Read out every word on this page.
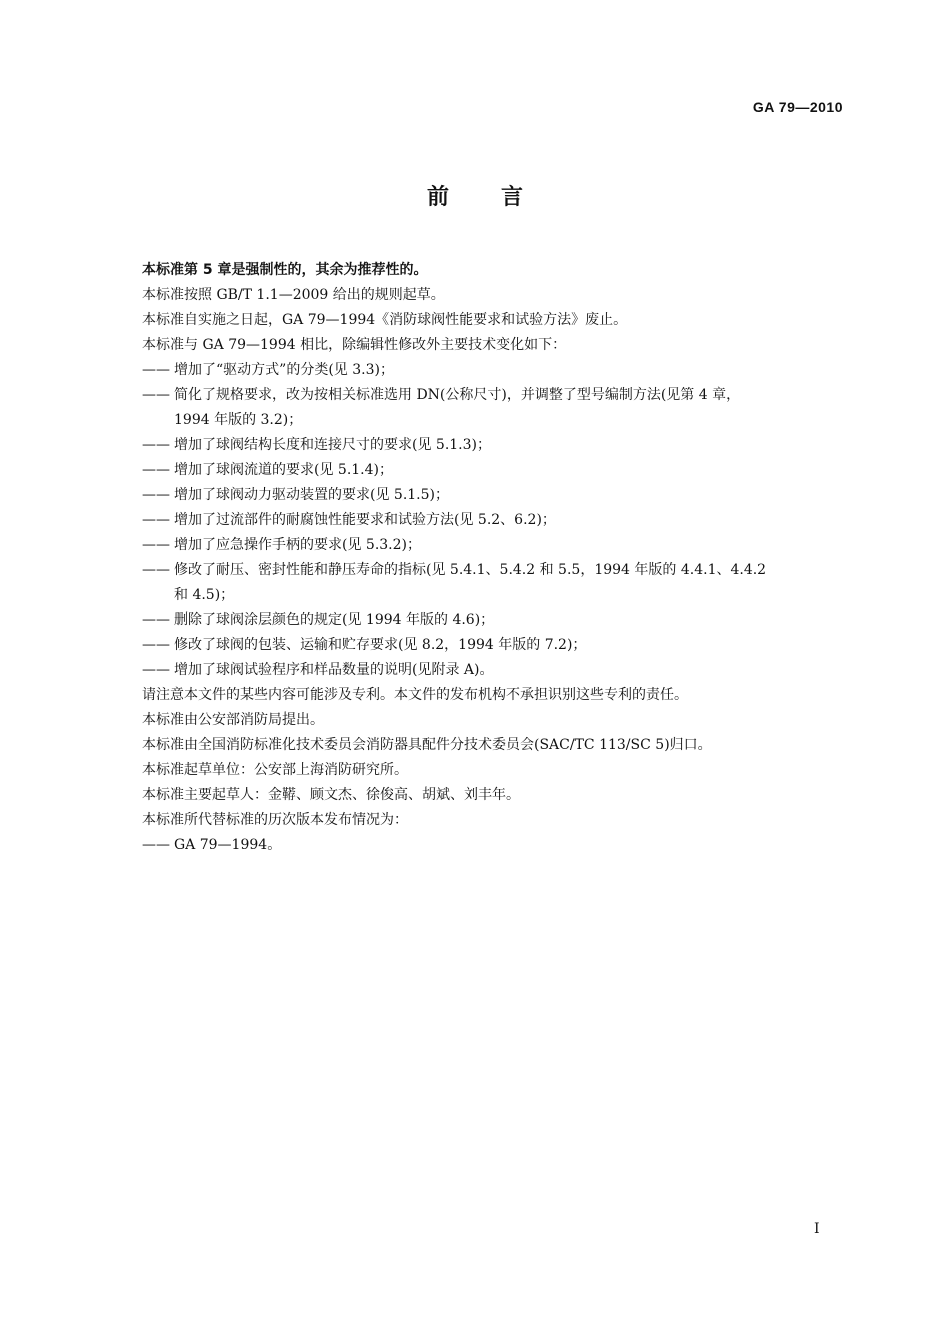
GA 79—2010
前言
本标准第 5 章是强制性的，其余为推荐性的。
本标准按照 GB/T 1.1—2009 给出的规则起草。
本标准自实施之日起，GA 79—1994《消防球阀性能要求和试验方法》废止。
本标准与 GA 79—1994 相比，除编辑性修改外主要技术变化如下：
—— 增加了“驱动方式”的分类(见 3.3)；
—— 简化了规格要求，改为按相关标准选用 DN(公称尺寸)，并调整了型号编制方法(见第 4 章，
1994 年版的 3.2)；
—— 增加了球阀结构长度和连接尺寸的要求(见 5.1.3)；
—— 增加了球阀流道的要求(见 5.1.4)；
—— 增加了球阀动力驱动装置的要求(见 5.1.5)；
—— 增加了过流部件的耐腐蚀性能要求和试验方法(见 5.2、6.2)；
—— 增加了应急操作手柄的要求(见 5.3.2)；
—— 修改了耐压、密封性能和静压寿命的指标(见 5.4.1、5.4.2 和 5.5，1994 年版的 4.4.1、4.4.2
和 4.5)；
—— 删除了球阀涂层颜色的规定(见 1994 年版的 4.6)；
—— 修改了球阀的包装、运输和贮存要求(见 8.2，1994 年版的 7.2)；
—— 增加了球阀试验程序和样品数量的说明(见附录 A)。
请注意本文件的某些内容可能涉及专利。本文件的发布机构不承担识别这些专利的责任。
本标准由公安部消防局提出。
本标准由全国消防标准化技术委员会消防器具配件分技术委员会(SAC/TC 113/SC 5)归口。
本标准起草单位：公安部上海消防研究所。
本标准主要起草人：金鞯、顾文杰、徐俊高、胡斌、刘丰年。
本标准所代替标准的历次版本发布情况为：
—— GA 79—1994。
I
